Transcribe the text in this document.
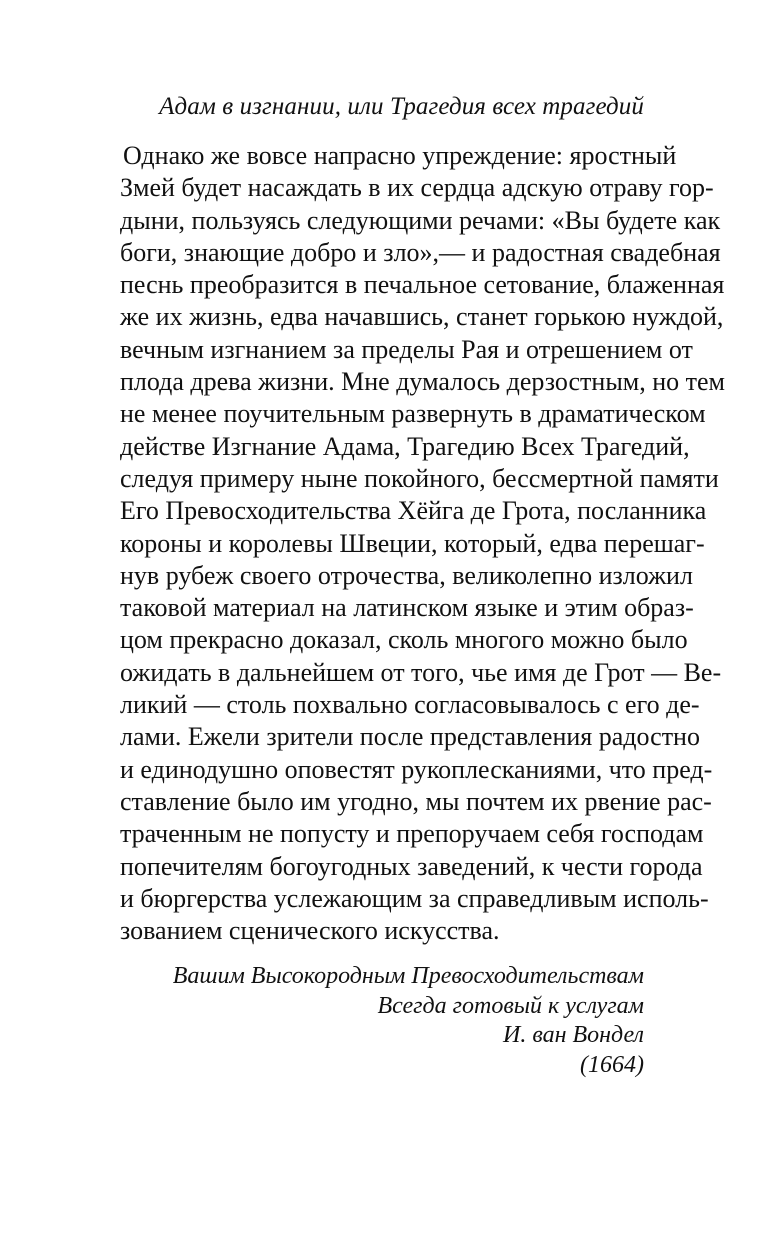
Адам в изгнании, или Трагедия всех трагедий
Однако же вовсе напрасно упреждение: яростный
Змей будет насаждать в их сердца адскую отраву гор-
дыни, пользуясь следующими речами: «Вы будете как
боги, знающие добро и зло»,— и радостная свадебная
песнь преобразится в печальное сетование, блаженная
же их жизнь, едва начавшись, станет горькою нуждой,
вечным изгнанием за пределы Рая и отрешением от
плода древа жизни. Мне думалось дерзостным, но тем
не менее поучительным развернуть в драматическом
действе Изгнание Адама, Трагедию Всех Трагедий,
следуя примеру ныне покойного, бессмертной памяти
Его Превосходительства Хёйга де Грота, посланника
короны и королевы Швеции, который, едва перешаг-
нув рубеж своего отрочества, великолепно изложил
таковой материал на латинском языке и этим образ-
цом прекрасно доказал, сколь многого можно было
ожидать в дальнейшем от того, чье имя де Грот — Ве-
ликий — столь похвально согласовывалось с его де-
лами. Ежели зрители после представления радостно
и единодушно оповестят рукоплесканиями, что пред-
ставление было им угодно, мы почтем их рвение рас-
траченным не попусту и препоручаем себя господам
попечителям богоугодных заведений, к чести города
и бюргерства услежающим за справедливым исполь-
зованием сценического искусства.
Вашим Высокородным Превосходительствам
Всегда готовый к услугам
И. ван Вондел
(1664)
